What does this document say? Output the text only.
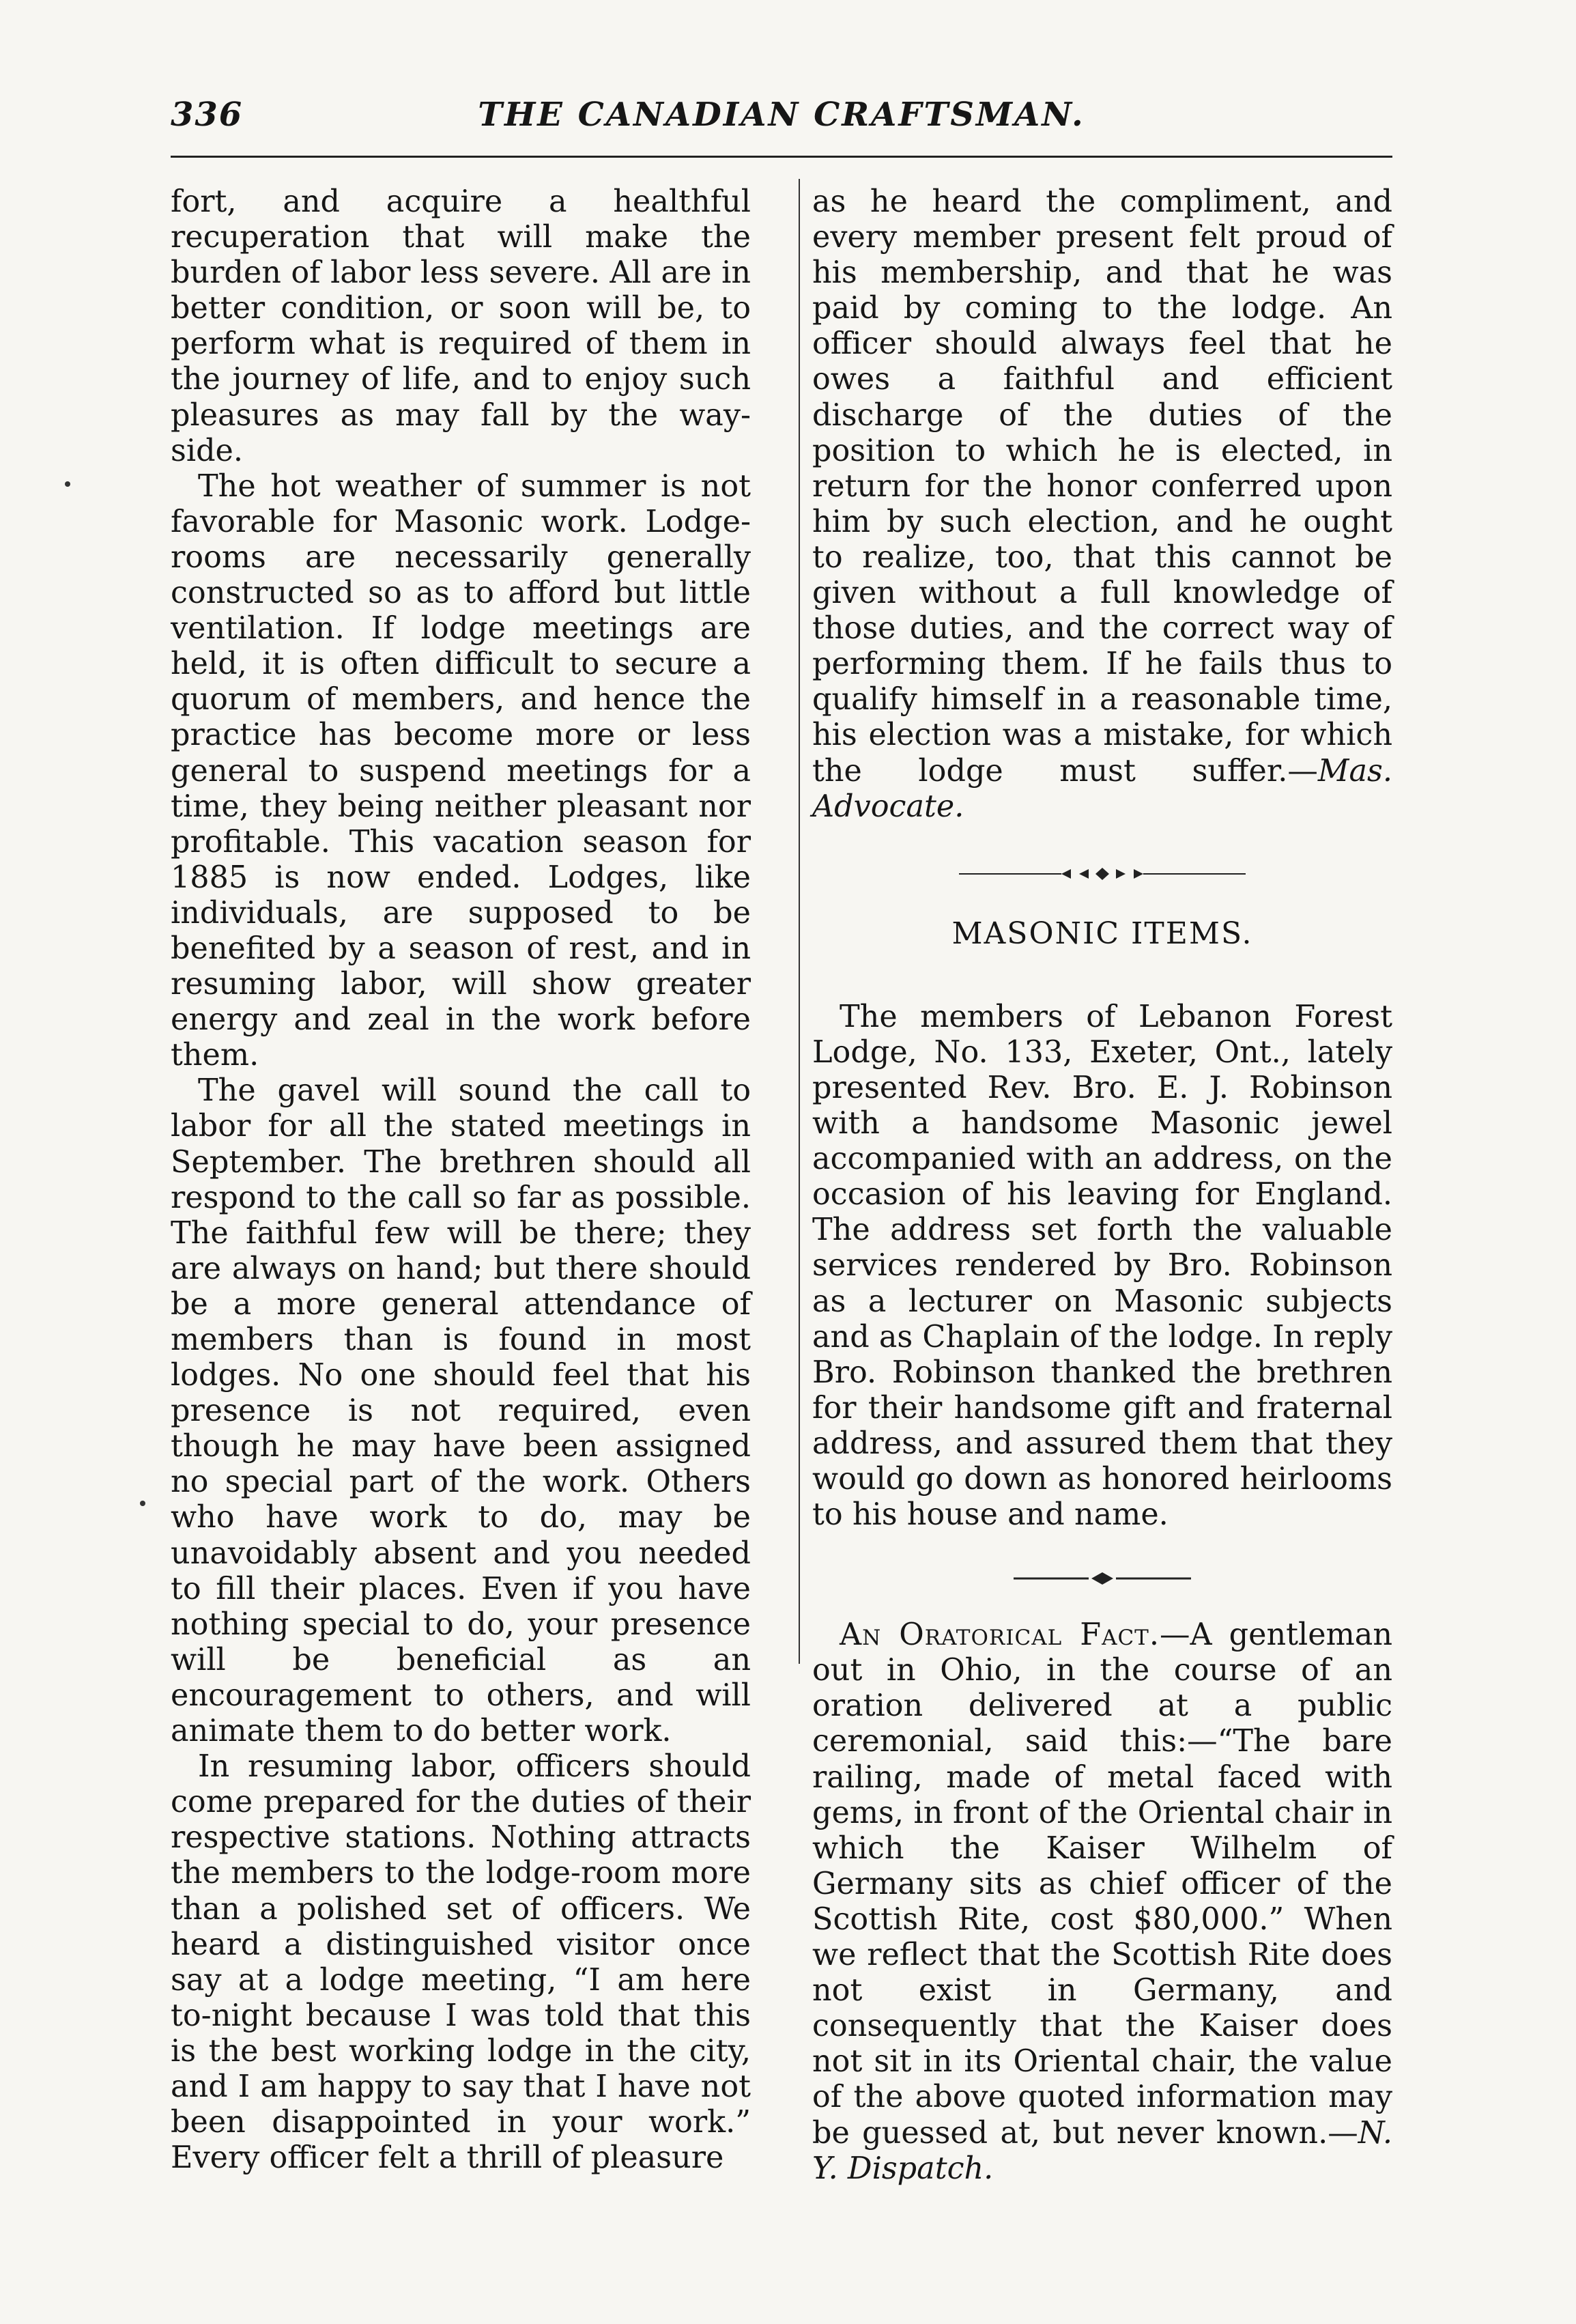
336	THE CANADIAN CRAFTSMAN.

fort, and acquire a healthful recuperation that will make the burden of labor less severe. All are in better condition, or soon will be, to perform what is required of them in the journey of life, and to enjoy such pleasures as may fall by the way-side.

The hot weather of summer is not favorable for Masonic work. Lodge-rooms are necessarily generally constructed so as to afford but little ventilation. If lodge meetings are held, it is often difficult to secure a quorum of members, and hence the practice has become more or less general to suspend meetings for a time, they being neither pleasant nor profitable. This vacation season for 1885 is now ended. Lodges, like individuals, are supposed to be benefited by a season of rest, and in resuming labor, will show greater energy and zeal in the work before them.

The gavel will sound the call to labor for all the stated meetings in September. The brethren should all respond to the call so far as possible. The faithful few will be there; they are always on hand; but there should be a more general attendance of members than is found in most lodges. No one should feel that his presence is not required, even though he may have been assigned no special part of the work. Others who have work to do, may be unavoidably absent and you needed to fill their places. Even if you have nothing special to do, your presence will be beneficial as an encouragement to others, and will animate them to do better work.

In resuming labor, officers should come prepared for the duties of their respective stations. Nothing attracts the members to the lodge-room more than a polished set of officers. We heard a distinguished visitor once say at a lodge meeting, “I am here to-night because I was told that this is the best working lodge in the city, and I am happy to say that I have not been disappointed in your work.” Every officer felt a thrill of pleasure

as he heard the compliment, and every member present felt proud of his membership, and that he was paid by coming to the lodge. An officer should always feel that he owes a faithful and efficient discharge of the duties of the position to which he is elected, in return for the honor conferred upon him by such election, and he ought to realize, too, that this cannot be given without a full knowledge of those duties, and the correct way of performing them. If he fails thus to qualify himself in a reasonable time, his election was a mistake, for which the lodge must suffer.—Mas. Advocate.

MASONIC ITEMS.

The members of Lebanon Forest Lodge, No. 133, Exeter, Ont., lately presented Rev. Bro. E. J. Robinson with a handsome Masonic jewel accompanied with an address, on the occasion of his leaving for England. The address set forth the valuable services rendered by Bro. Robinson as a lecturer on Masonic subjects and as Chaplain of the lodge. In reply Bro. Robinson thanked the brethren for their handsome gift and fraternal address, and assured them that they would go down as honored heirlooms to his house and name.

An Oratorical Fact.—A gentleman out in Ohio, in the course of an oration delivered at a public ceremonial, said this:—“The bare railing, made of metal faced with gems, in front of the Oriental chair in which the Kaiser Wilhelm of Germany sits as chief officer of the Scottish Rite, cost $80,000.” When we reflect that the Scottish Rite does not exist in Germany, and consequently that the Kaiser does not sit in its Oriental chair, the value of the above quoted information may be guessed at, but never known.—N. Y. Dispatch.
